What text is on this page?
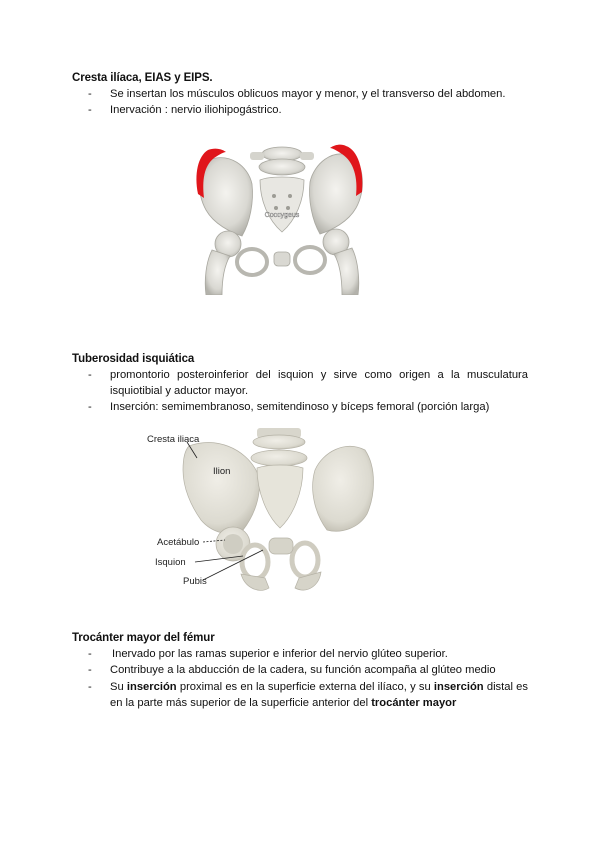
Cresta ilíaca, EIAS y EIPS.
- Se insertan los músculos oblicuos mayor y menor, y el transverso del abdomen.
- Inervación : nervio iliohipogástrico.
Coccygeus
Tuberosidad isquiática
- promontorio posteroinferior del isquion y sirve como origen a la musculatura isquiotibial y aductor mayor.
- Inserción: semimembranoso, semitendinoso y bíceps femoral (porción larga)
Cresta iliaca
Ilion
Acetábulo
Isquion
Pubis
Trocánter mayor del fémur
- Inervado por las ramas superior e inferior del nervio glúteo superior.
- Contribuye a la abducción de la cadera, su función acompaña al glúteo medio
- Su inserción proximal es en la superficie externa del ilíaco, y su inserción distal es en la parte más superior de la superficie anterior del trocánter mayor
